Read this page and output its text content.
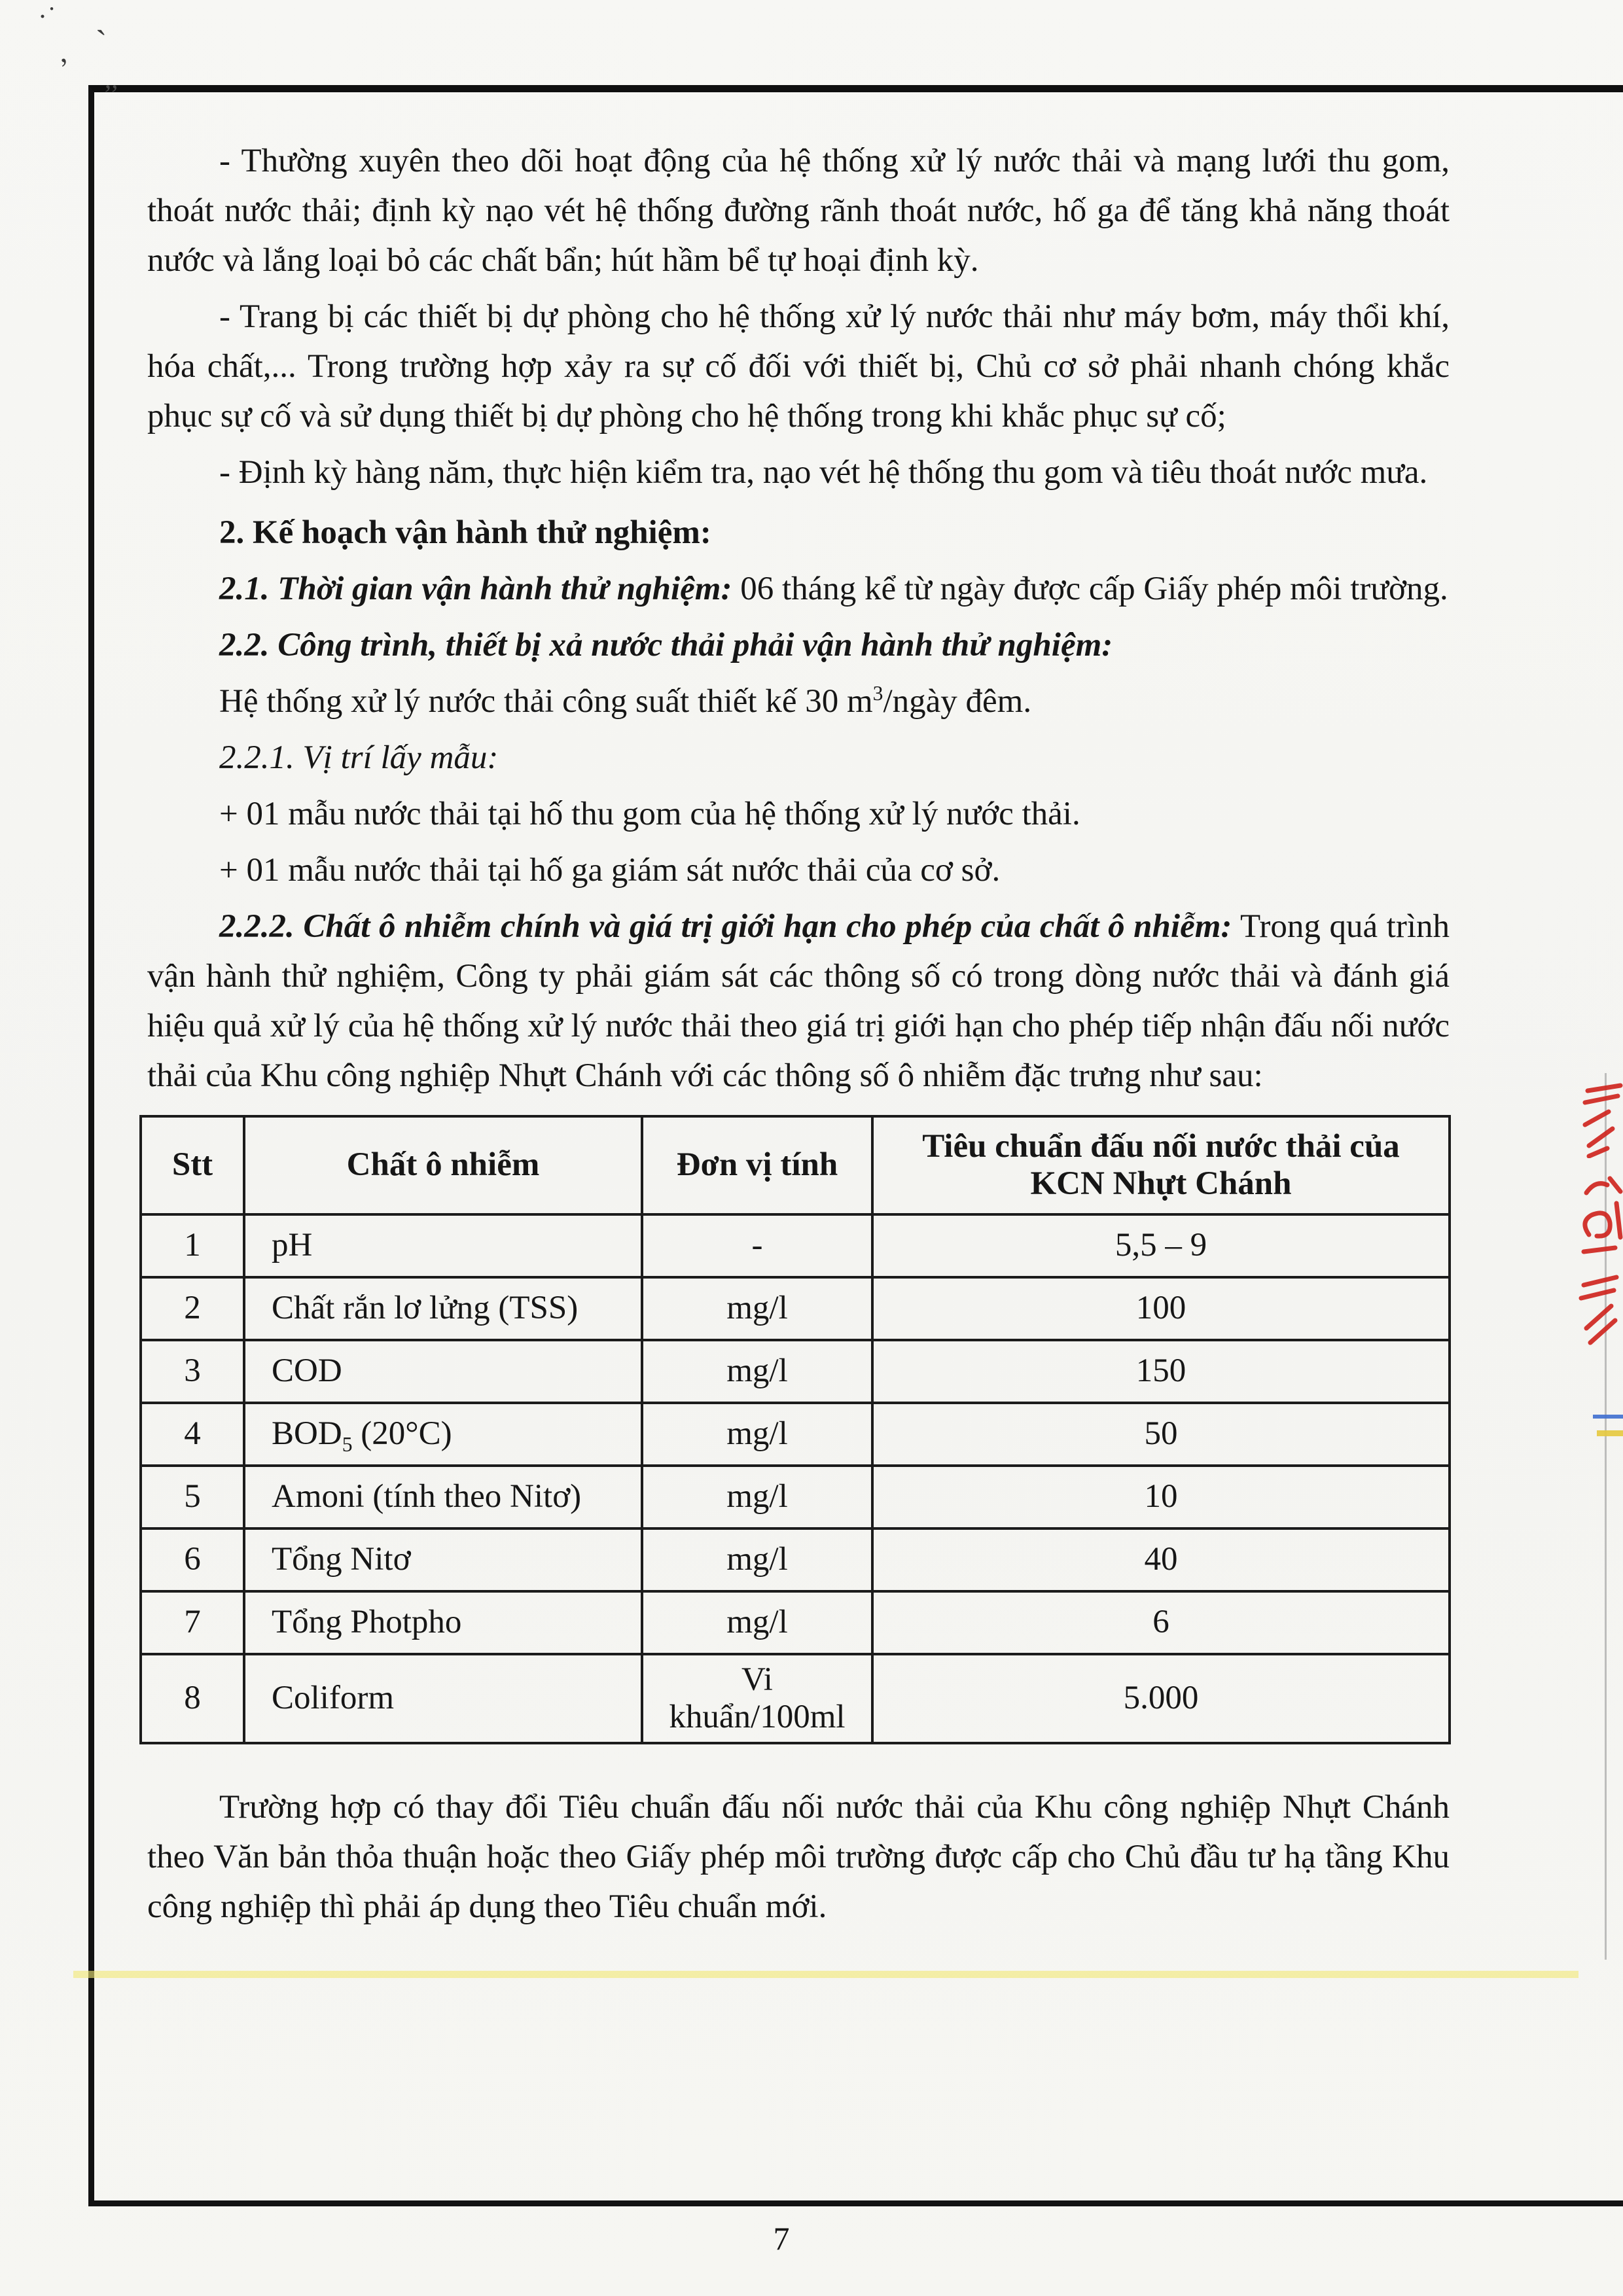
·˙
`
’
’’

- Thường xuyên theo dõi hoạt động của hệ thống xử lý nước thải và mạng lưới thu gom, thoát nước thải; định kỳ nạo vét hệ thống đường rãnh thoát nước, hố ga để tăng khả năng thoát nước và lắng loại bỏ các chất bẩn; hút hầm bể tự hoại định kỳ.

- Trang bị các thiết bị dự phòng cho hệ thống xử lý nước thải như máy bơm, máy thổi khí, hóa chất,... Trong trường hợp xảy ra sự cố đối với thiết bị, Chủ cơ sở phải nhanh chóng khắc phục sự cố và sử dụng thiết bị dự phòng cho hệ thống trong khi khắc phục sự cố;

- Định kỳ hàng năm, thực hiện kiểm tra, nạo vét hệ thống thu gom và tiêu thoát nước mưa.

2. Kế hoạch vận hành thử nghiệm:

2.1. Thời gian vận hành thử nghiệm: 06 tháng kể từ ngày được cấp Giấy phép môi trường.

2.2. Công trình, thiết bị xả nước thải phải vận hành thử nghiệm:

Hệ thống xử lý nước thải công suất thiết kế 30 $m^3$/ngày đêm.

2.2.1. Vị trí lấy mẫu:

+ 01 mẫu nước thải tại hố thu gom của hệ thống xử lý nước thải.

+ 01 mẫu nước thải tại hố ga giám sát nước thải của cơ sở.

2.2.2. Chất ô nhiễm chính và giá trị giới hạn cho phép của chất ô nhiễm: Trong quá trình vận hành thử nghiệm, Công ty phải giám sát các thông số có trong dòng nước thải và đánh giá hiệu quả xử lý của hệ thống xử lý nước thải theo giá trị giới hạn cho phép tiếp nhận đấu nối nước thải của Khu công nghiệp Nhựt Chánh với các thông số ô nhiễm đặc trưng như sau:

Stt	Chất ô nhiễm	Đơn vị tính	Tiêu chuẩn đấu nối nước thải của KCN Nhựt Chánh
1	pH	-	5,5 – 9
2	Chất rắn lơ lửng (TSS)	mg/l	100
3	COD	mg/l	150
4	$BOD_5$ (20°C)	mg/l	50
5	Amoni (tính theo Nitơ)	mg/l	10
6	Tổng Nitơ	mg/l	40
7	Tổng Photpho	mg/l	6
8	Coliform	Vi khuẩn/100ml	5.000

Trường hợp có thay đổi Tiêu chuẩn đấu nối nước thải của Khu công nghiệp Nhựt Chánh theo Văn bản thỏa thuận hoặc theo Giấy phép môi trường được cấp cho Chủ đầu tư hạ tầng Khu công nghiệp thì phải áp dụng theo Tiêu chuẩn mới.

7
